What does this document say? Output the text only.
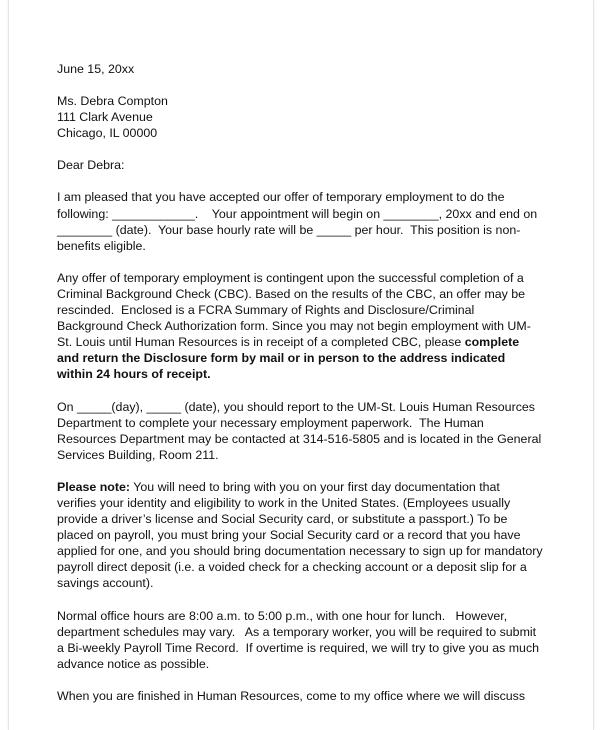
June 15, 20xx
Ms. Debra Compton
111 Clark Avenue
Chicago, IL 00000
Dear Debra:
I am pleased that you have accepted our offer of temporary employment to do the
following: ____________.    Your appointment will begin on ________, 20xx and end on
________ (date).  Your base hourly rate will be _____ per hour.  This position is non-
benefits eligible.
Any offer of temporary employment is contingent upon the successful completion of a
Criminal Background Check (CBC). Based on the results of the CBC, an offer may be
rescinded.  Enclosed is a FCRA Summary of Rights and Disclosure/Criminal
Background Check Authorization form. Since you may not begin employment with UM-
St. Louis until Human Resources is in receipt of a completed CBC, please complete
and return the Disclosure form by mail or in person to the address indicated
within 24 hours of receipt.
On _____(day), _____ (date), you should report to the UM-St. Louis Human Resources
Department to complete your necessary employment paperwork.  The Human
Resources Department may be contacted at 314-516-5805 and is located in the General
Services Building, Room 211.
Please note: You will need to bring with you on your first day documentation that
verifies your identity and eligibility to work in the United States. (Employees usually
provide a driver’s license and Social Security card, or substitute a passport.) To be
placed on payroll, you must bring your Social Security card or a record that you have
applied for one, and you should bring documentation necessary to sign up for mandatory
payroll direct deposit (i.e. a voided check for a checking account or a deposit slip for a
savings account).
Normal office hours are 8:00 a.m. to 5:00 p.m., with one hour for lunch.   However,
department schedules may vary.   As a temporary worker, you will be required to submit
a Bi-weekly Payroll Time Record.  If overtime is required, we will try to give you as much
advance notice as possible.
When you are finished in Human Resources, come to my office where we will discuss
